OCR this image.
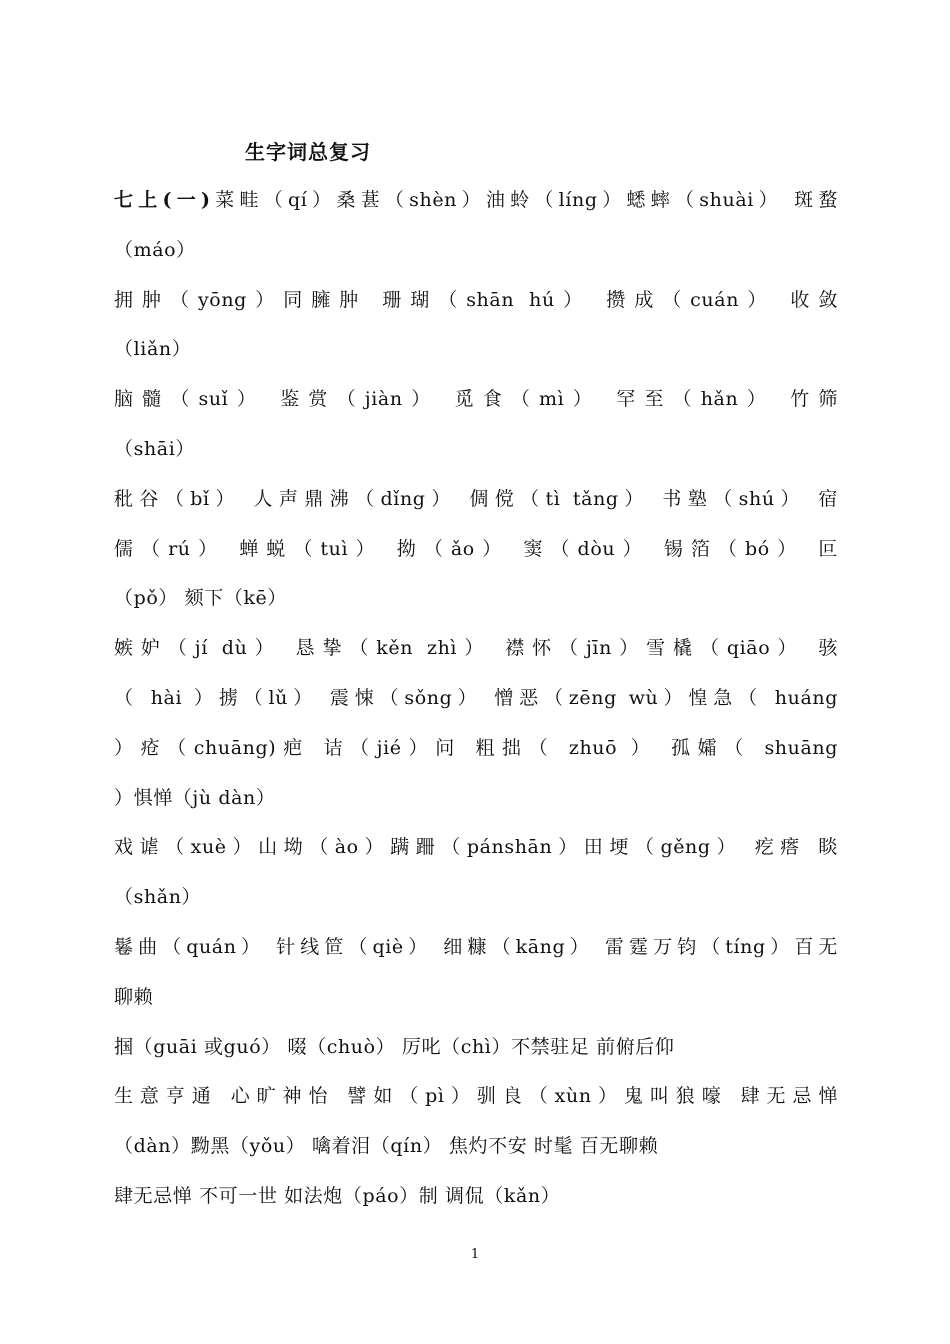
生字词总复习
七上(一)菜畦（qí）桑葚（shèn）油蛉（líng）蟋蟀（shuài） 斑蝥
（máo）
拥肿（yōng）同臃肿 珊瑚（shān hú） 攒成（cuán） 收敛
（liǎn）
脑髓（suǐ） 鉴赏（jiàn） 觅食（mì） 罕至（hǎn） 竹筛
（shāi）
秕谷（bǐ） 人声鼎沸（dǐng） 倜傥（tì tǎng） 书塾（shú） 宿
儒（rú） 蝉蜕（tuì） 拗（ǎo） 窦（dòu） 锡箔（bó） 叵
（pǒ） 颏下（kē）
嫉妒（jí dù） 恳挚（kěn zhì） 襟怀（jīn）雪橇（qiāo） 骇
（ hài ）掳（lǔ） 震悚（sǒng） 憎恶（zēng wù）惶急（ huáng
）疮（chuāng)疤 诘（jié）问 粗拙（ zhuō ） 孤孀（ shuāng
）惧惮（jù dàn）
戏谑（xuè）山坳（ào）蹒跚（pánshān）田埂（gěng） 疙瘩 睒
（shǎn）
鬈曲（quán） 针线笸（qiè） 细糠（kāng） 雷霆万钧（tíng）百无
聊赖
掴（guāi 或guó） 啜（chuò） 厉叱（chì）不禁驻足 前俯后仰
生意亨通 心旷神怡 譬如（pì）驯良（xùn）鬼叫狼嚎 肆无忌惮
（dàn）黝黑（yǒu） 噙着泪（qín） 焦灼不安 时髦 百无聊赖
肆无忌惮 不可一世 如法炮（páo）制 调侃（kǎn）
1
